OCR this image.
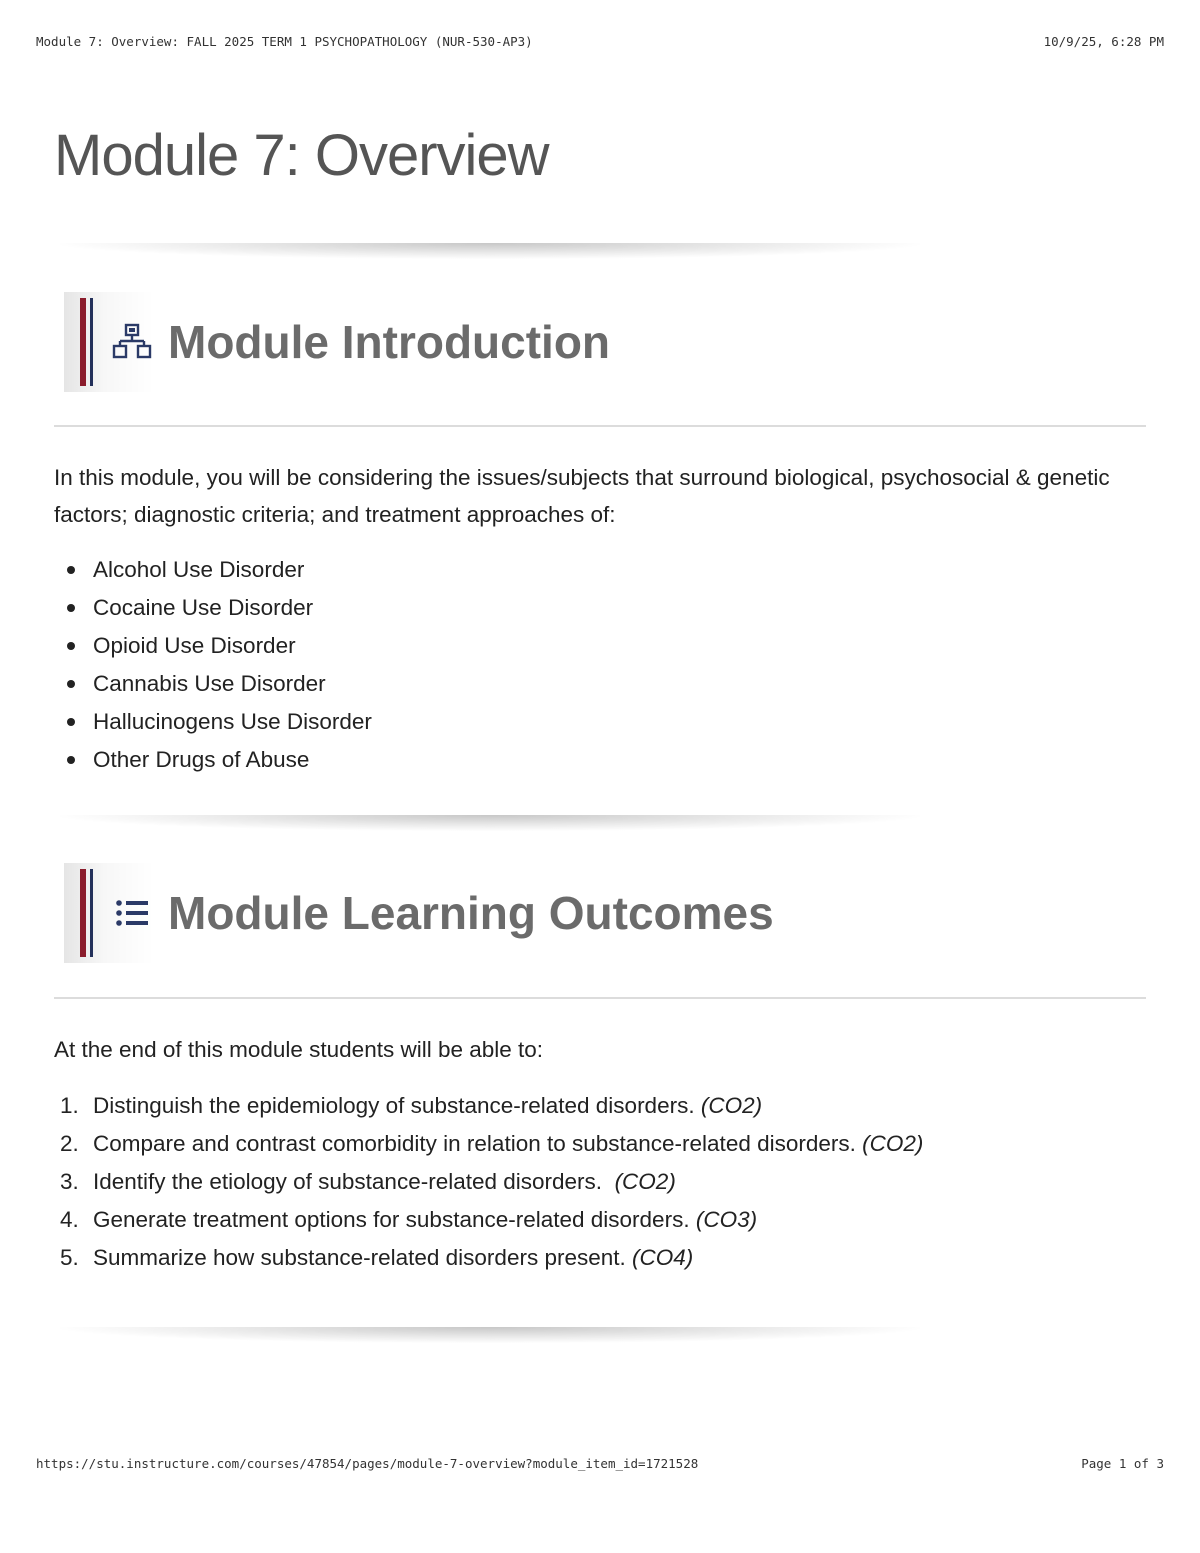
Module 7: Overview: FALL 2025 TERM 1 PSYCHOPATHOLOGY (NUR-530-AP3)	10/9/25, 6:28 PM
Module 7: Overview
Module Introduction

In this module, you will be considering the issues/subjects that surround biological, psychosocial & genetic factors; diagnostic criteria; and treatment approaches of:

Alcohol Use Disorder
Cocaine Use Disorder
Opioid Use Disorder
Cannabis Use Disorder
Hallucinogens Use Disorder
Other Drugs of Abuse
Module Learning Outcomes

At the end of this module students will be able to:

1. Distinguish the epidemiology of substance-related disorders. (CO2)
2. Compare and contrast comorbidity in relation to substance-related disorders. (CO2)
3. Identify the etiology of substance-related disorders.  (CO2)
4. Generate treatment options for substance-related disorders. (CO3)
5. Summarize how substance-related disorders present. (CO4)
https://stu.instructure.com/courses/47854/pages/module-7-overview?module_item_id=1721528	Page 1 of 3
